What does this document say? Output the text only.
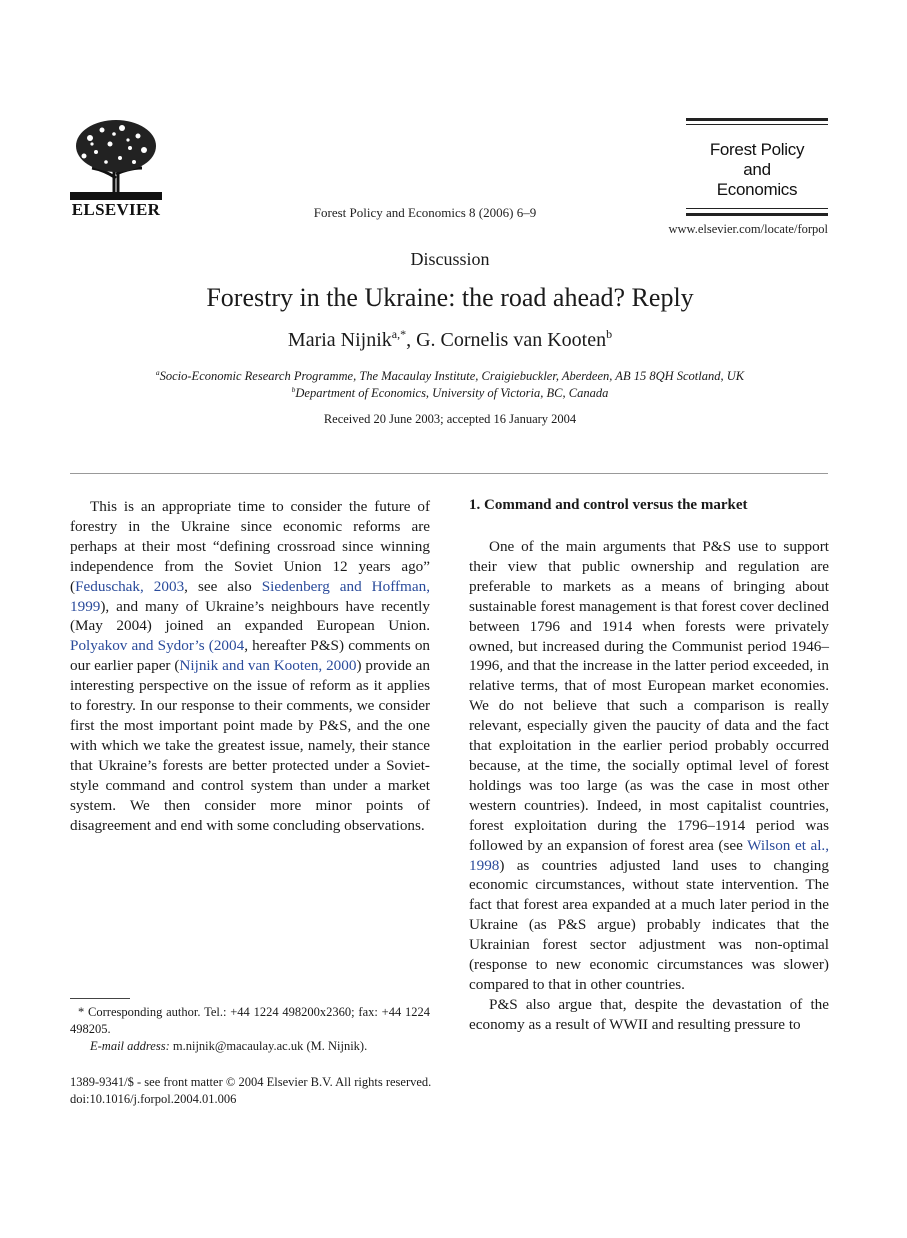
ELSEVIER	Forest Policy and Economics 8 (2006) 6–9
Forest Policy
and
Economics
www.elsevier.com/locate/forpol
Discussion
Forestry in the Ukraine: the road ahead? Reply
Maria Nijnik$^{a,*}$, G. Cornelis van Kooten$^b$
$^a$Socio-Economic Research Programme, The Macaulay Institute, Craigiebuckler, Aberdeen, AB 15 8QH Scotland, UK
$^b$Department of Economics, University of Victoria, BC, Canada
Received 20 June 2003; accepted 16 January 2004

This is an appropriate time to consider the future of forestry in the Ukraine since economic reforms are perhaps at their most “defining crossroad since winning independence from the Soviet Union 12 years ago” (Feduschak, 2003, see also Siedenberg and Hoffman, 1999), and many of Ukraine’s neighbours have recently (May 2004) joined an expanded European Union. Polyakov and Sydor’s (2004, hereafter P&S) comments on our earlier paper (Nijnik and van Kooten, 2000) provide an interesting perspective on the issue of reform as it applies to forestry. In our response to their comments, we consider first the most important point made by P&S, and the one with which we take the greatest issue, namely, their stance that Ukraine’s forests are better protected under a Soviet-style command and control system than under a market system. We then consider more minor points of disagreement and end with some concluding observations.

1. Command and control versus the market

One of the main arguments that P&S use to support their view that public ownership and regulation are preferable to markets as a means of bringing about sustainable forest management is that forest cover declined between 1796 and 1914 when forests were privately owned, but increased during the Communist period 1946–1996, and that the increase in the latter period exceeded, in relative terms, that of most European market economies. We do not believe that such a comparison is really relevant, especially given the paucity of data and the fact that exploitation in the earlier period probably occurred because, at the time, the socially optimal level of forest holdings was too large (as was the case in most other western countries). Indeed, in most capitalist countries, forest exploitation during the 1796–1914 period was followed by an expansion of forest area (see Wilson et al., 1998) as countries adjusted land uses to changing economic circumstances, without state intervention. The fact that forest area expanded at a much later period in the Ukraine (as P&S argue) probably indicates that the Ukrainian forest sector adjustment was non-optimal (response to new economic circumstances was slower) compared to that in other countries.

P&S also argue that, despite the devastation of the economy as a result of WWII and resulting pressure to

* Corresponding author. Tel.: +44 1224 498200x2360; fax: +44 1224 498205.

E-mail address: m.nijnik@macaulay.ac.uk (M. Nijnik).

1389-9341/$ - see front matter © 2004 Elsevier B.V. All rights reserved.

doi:10.1016/j.forpol.2004.01.006
